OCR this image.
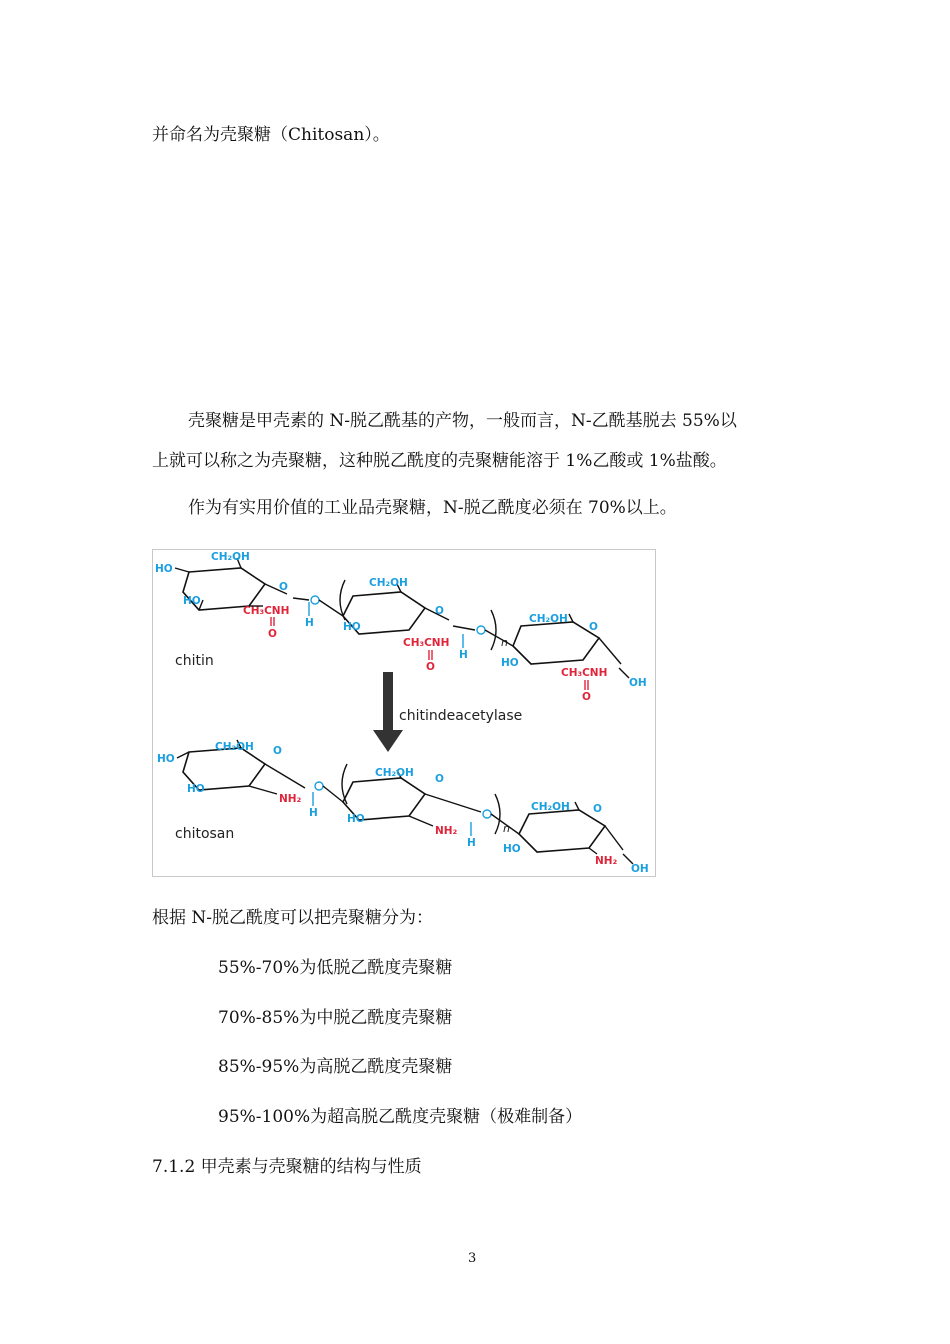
并命名为壳聚糖（Chitosan）。
壳聚糖是甲壳素的 N-脱乙酰基的产物，一般而言，N-乙酰基脱去 55%以
上就可以称之为壳聚糖，这种脱乙酰度的壳聚糖能溶于 1%乙酸或 1%盐酸。
作为有实用价值的工业品壳聚糖，N-脱乙酰度必须在 70%以上。
CH₂OH
O
HO
HO
CH₃CNH
O
H
CH₂OH
O
HO
CH₃CNH
O
H
n
CH₂OH
O
HO
CH₃CNH
O
OH
chitin
chitindeacetylase
CH₂OH O
HO
HO
NH₂
H
CH₂OH O
HO
NH₂
H
n
CH₂OH O
HO
NH₂
OH
chitosan
根据 N-脱乙酰度可以把壳聚糖分为：
55%-70%为低脱乙酰度壳聚糖
70%-85%为中脱乙酰度壳聚糖
85%-95%为高脱乙酰度壳聚糖
95%-100%为超高脱乙酰度壳聚糖（极难制备）
7.1.2 甲壳素与壳聚糖的结构与性质
3
